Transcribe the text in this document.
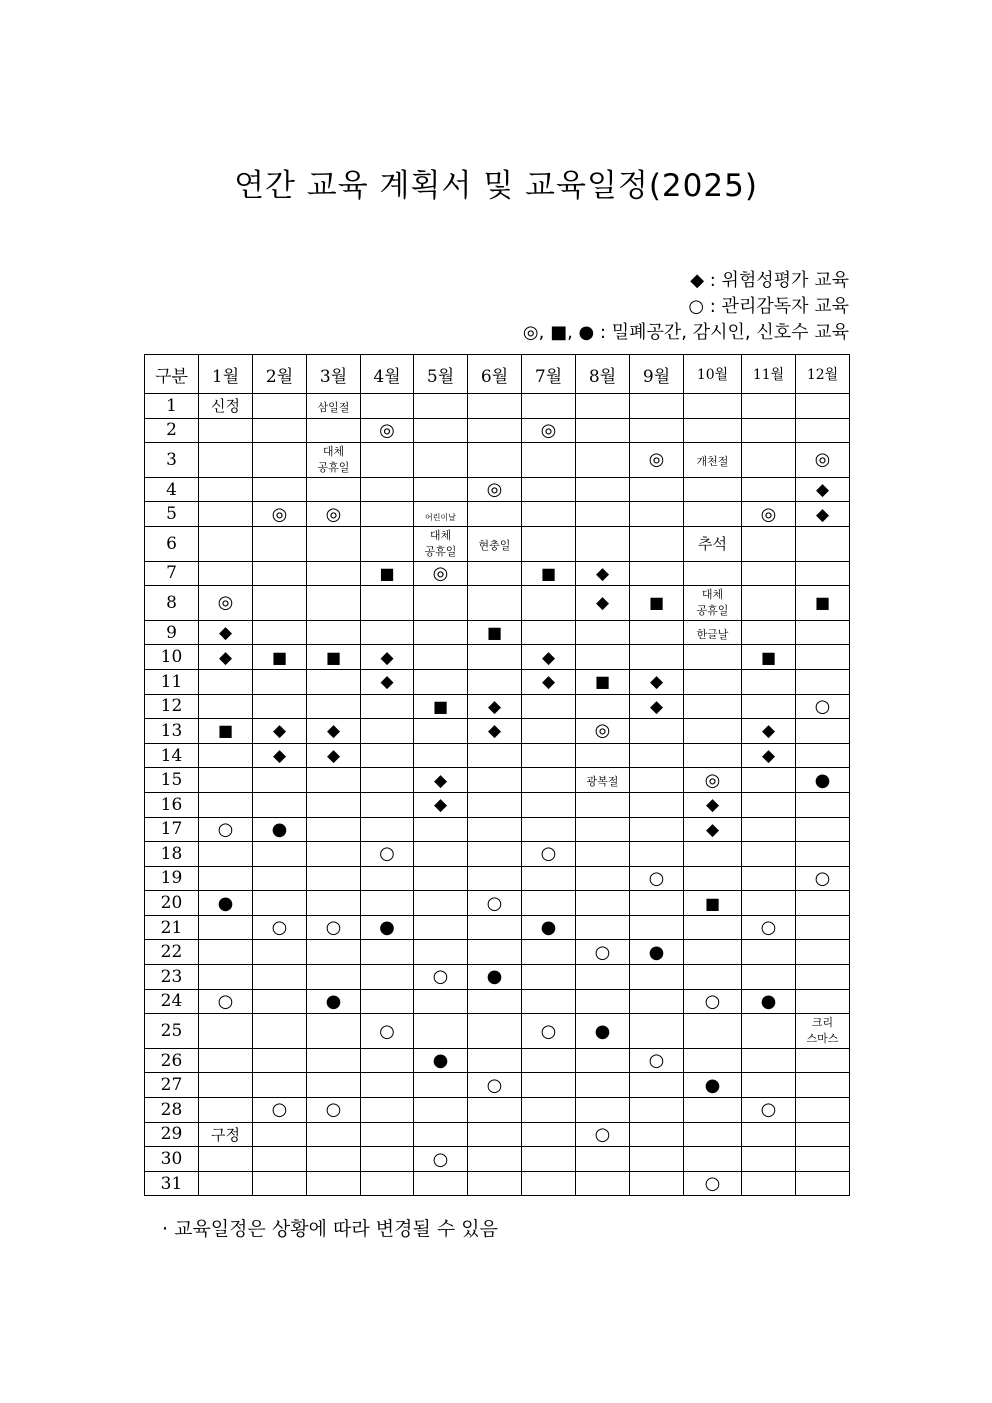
연간 교육 계획서 및 교육일정(2025)
◆ : 위험성평가 교육
○ : 관리감독자 교육
◎, ■, ● : 밀폐공간, 감시인, 신호수 교육
구분	1월	2월	3월	4월	5월	6월	7월	8월	9월	10월	11월	12월
1	신정		삼일절									
2				◎			◎					
3			대체
공휴일						◎	개천절		◎
4						◎						◆
5		◎	◎		어린이날						◎	◆
6					대체
공휴일	현충일				추석		
7				■	◎		■	◆				
8	◎							◆	■	대체
공휴일		■
9	◆					■				한글날		
10	◆	■	■	◆			◆				■	
11				◆			◆	■	◆			
12					■	◆			◆			○
13	■	◆	◆			◆		◎			◆	
14		◆	◆								◆	
15					◆			광복절		◎		●
16					◆					◆		
17	○	●								◆		
18				○			○					
19									○			○
20	●					○				■		
21		○	○	●			●				○	
22								○	●			
23					○	●						
24	○		●							○	●	
25				○			○	●				크리
스마스
26					●				○			
27						○				●		
28		○	○								○	
29	구정							○				
30					○							
31										○		
· 교육일정은 상황에 따라 변경될 수 있음
